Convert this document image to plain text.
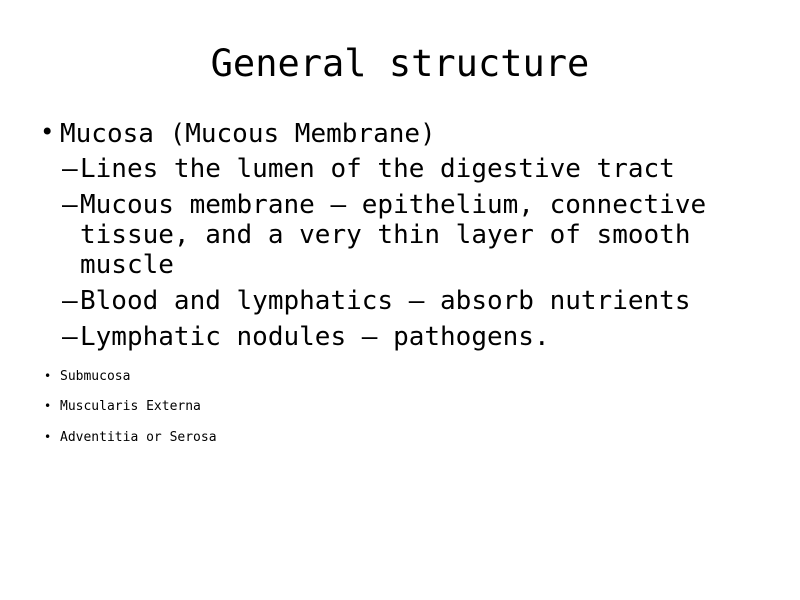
General structure
• Mucosa (Mucous Membrane)
– Lines the lumen of the digestive tract
– Mucous membrane – epithelium, connective tissue, and a very thin layer of smooth muscle
– Blood and lymphatics – absorb nutrients
– Lymphatic nodules – pathogens.
• Submucosa
• Muscularis Externa
• Adventitia or Serosa
